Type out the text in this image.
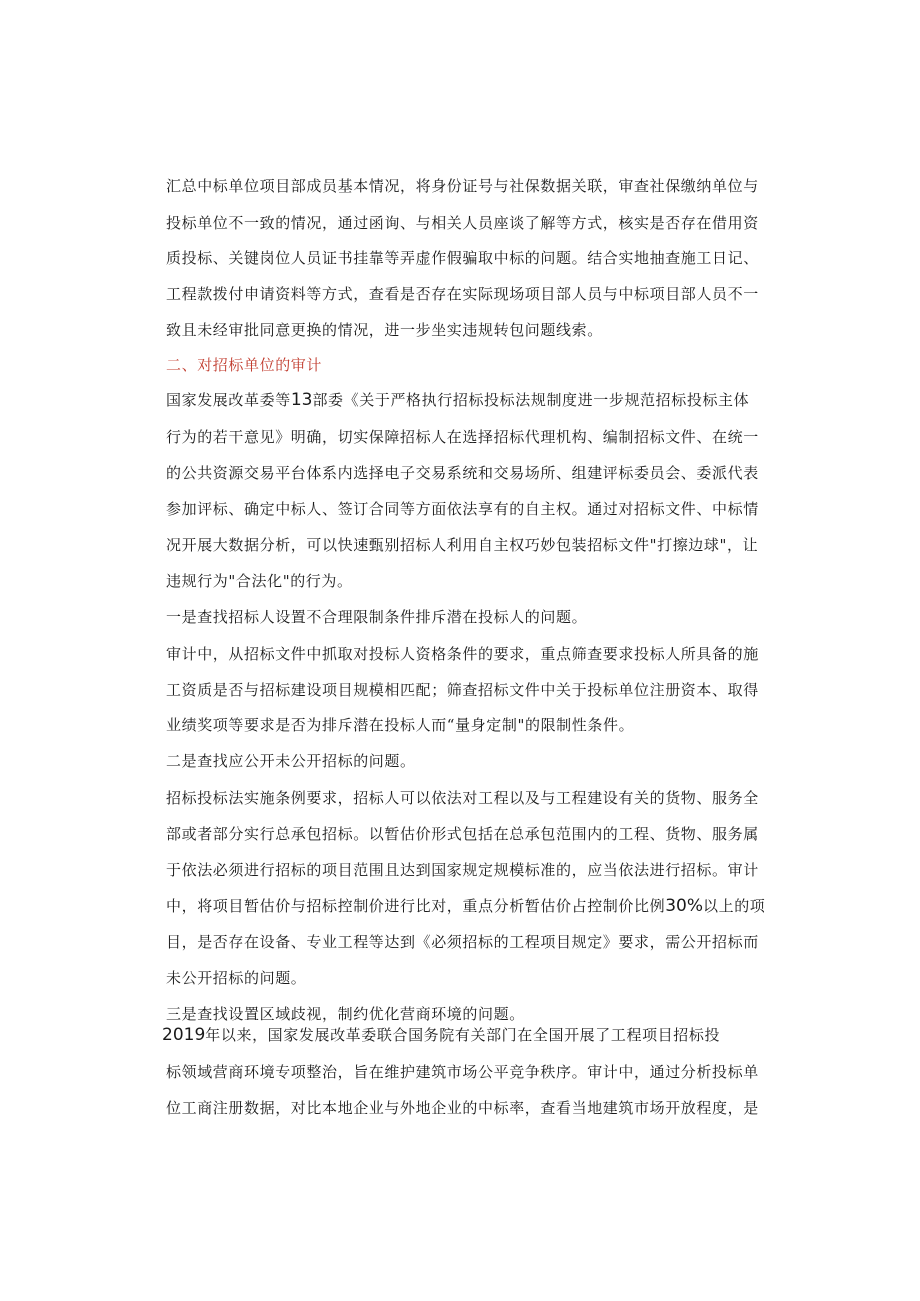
汇总中标单位项目部成员基本情况，将身份证号与社保数据关联，审查社保缴纳单位与
投标单位不一致的情况，通过函询、与相关人员座谈了解等方式，核实是否存在借用资
质投标、关键岗位人员证书挂靠等弄虚作假骗取中标的问题。结合实地抽查施工日记、
工程款拨付申请资料等方式，查看是否存在实际现场项目部人员与中标项目部人员不一
致且未经审批同意更换的情况，进一步坐实违规转包问题线索。
二、对招标单位的审计
国家发展改革委等13部委《关于严格执行招标投标法规制度进一步规范招标投标主体
行为的若干意见》明确，切实保障招标人在选择招标代理机构、编制招标文件、在统一
的公共资源交易平台体系内选择电子交易系统和交易场所、组建评标委员会、委派代表
参加评标、确定中标人、签订合同等方面依法享有的自主权。通过对招标文件、中标情
况开展大数据分析，可以快速甄别招标人利用自主权巧妙包装招标文件"打擦边球"，让
违规行为"合法化"的行为。
一是查找招标人设置不合理限制条件排斥潜在投标人的问题。
审计中，从招标文件中抓取对投标人资格条件的要求，重点筛查要求投标人所具备的施
工资质是否与招标建设项目规模相匹配；筛查招标文件中关于投标单位注册资本、取得
业绩奖项等要求是否为排斥潜在投标人而“量身定制"的限制性条件。
二是查找应公开未公开招标的问题。
招标投标法实施条例要求，招标人可以依法对工程以及与工程建设有关的货物、服务全
部或者部分实行总承包招标。以暂估价形式包括在总承包范围内的工程、货物、服务属
于依法必须进行招标的项目范围且达到国家规定规模标准的，应当依法进行招标。审计
中，将项目暂估价与招标控制价进行比对，重点分析暂估价占控制价比例30%以上的项
目，是否存在设备、专业工程等达到《必须招标的工程项目规定》要求，需公开招标而
未公开招标的问题。
三是查找设置区域歧视，制约优化营商环境的问题。
2019年以来，国家发展改革委联合国务院有关部门在全国开展了工程项目招标投
标领域营商环境专项整治，旨在维护建筑市场公平竞争秩序。审计中，通过分析投标单
位工商注册数据，对比本地企业与外地企业的中标率，查看当地建筑市场开放程度，是
